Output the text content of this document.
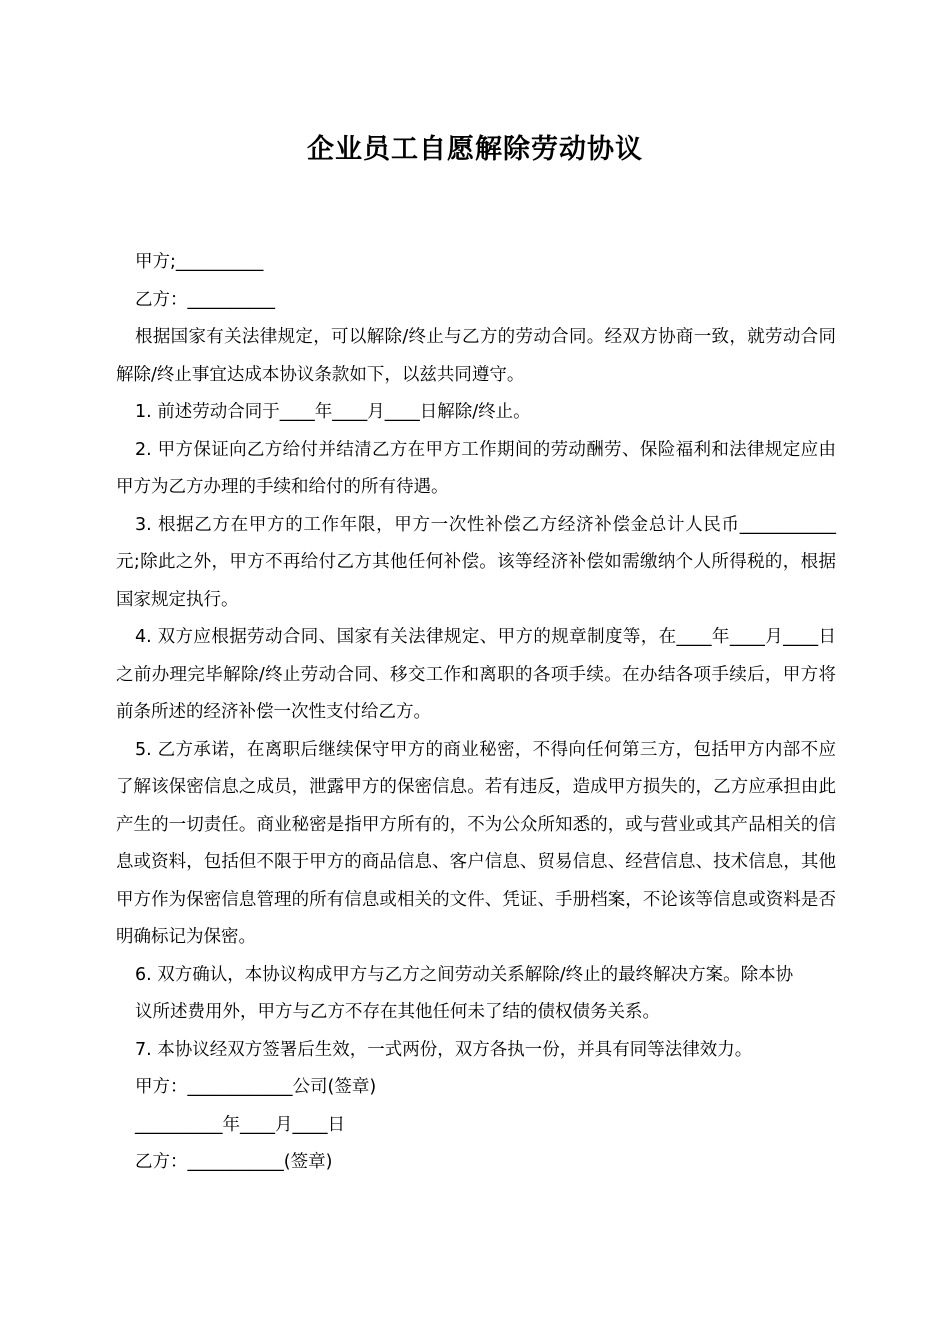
企业员工自愿解除劳动协议

甲方;__________

乙方：__________

根据国家有关法律规定，可以解除/终止与乙方的劳动合同。经双方协商一致，就劳动合同解除/终止事宜达成本协议条款如下，以兹共同遵守。

1. 前述劳动合同于____年____月____日解除/终止。

2. 甲方保证向乙方给付并结清乙方在甲方工作期间的劳动酬劳、保险福利和法律规定应由甲方为乙方办理的手续和给付的所有待遇。

3. 根据乙方在甲方的工作年限，甲方一次性补偿乙方经济补偿金总计人民币___________元;除此之外，甲方不再给付乙方其他任何补偿。该等经济补偿如需缴纳个人所得税的，根据国家规定执行。

4. 双方应根据劳动合同、国家有关法律规定、甲方的规章制度等，在____年____月____日之前办理完毕解除/终止劳动合同、移交工作和离职的各项手续。在办结各项手续后，甲方将前条所述的经济补偿一次性支付给乙方。

5. 乙方承诺，在离职后继续保守甲方的商业秘密，不得向任何第三方，包括甲方内部不应了解该保密信息之成员，泄露甲方的保密信息。若有违反，造成甲方损失的，乙方应承担由此产生的一切责任。商业秘密是指甲方所有的，不为公众所知悉的，或与营业或其产品相关的信息或资料，包括但不限于甲方的商品信息、客户信息、贸易信息、经营信息、技术信息，其他甲方作为保密信息管理的所有信息或相关的文件、凭证、手册档案，不论该等信息或资料是否明确标记为保密。

6. 双方确认，本协议构成甲方与乙方之间劳动关系解除/终止的最终解决方案。除本协

议所述费用外，甲方与乙方不存在其他任何未了结的债权债务关系。

7. 本协议经双方签署后生效，一式两份，双方各执一份，并具有同等法律效力。

甲方：____________公司(签章)

__________年____月____日

乙方：___________(签章)
